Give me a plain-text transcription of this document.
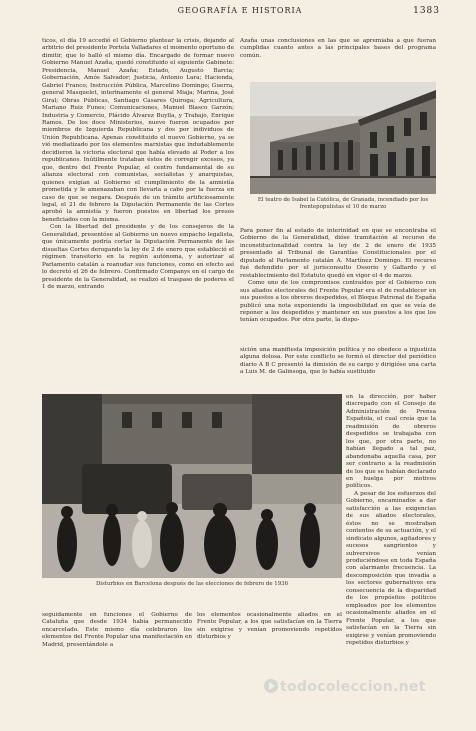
GEOGRAFÍA E HISTORIA	1383

ticos, el día 19 accedió el Gobierno plantear la crisis, dejando al arbitrio del presidente Portela Valladares el momento oportuno de dimitir, que lo halló el mismo día. Encargado de formar nuevo Gobierno Manuel Azaña, quedó constituido el siguiente Gabinete: Presidencia, Manuel Azaña; Estado, Augusto Barcia; Gobernación, Amós Salvador; Justicia, Antonio Lara; Hacienda, Gabriel Franco; Instrucción Pública, Marcelino Domingo; Guerra, general Masquelet, interinamente el general Miaja; Marina, José Giral; Obras Públicas, Santiago Casares Quiroga; Agricultura, Mariano Ruiz Funes; Comunicaciones, Manuel Blasco Garzón; Industria y Comercio, Plácido Álvarez Buylla, y Trabajo, Enrique Ramos. De los doce Ministerios, nueve fueron ocupados por miembros de Izquierda Republicana y dos por individuos de Unión Republicana. Apenas constituido el nuevo Gobierno, ya se vió mediatizado por los elementos marxistas que indudablemente decidieron la victoria electoral que había elevado al Poder a los republicanos. Inútilmente trataban éstos de corregir excesos, ya que, dentro del Frente Popular, el centro fundamental de su alianza electoral con comunistas, socialistas y anarquistas, quienes exigían al Gobierno el cumplimiento de la amnistía prometida y le amenazaban con llevarla a cabo por la fuerza en caso de que se negara. Después de un trámite artificiosamente legal, el 21 de febrero la Diputación Permanente de las Cortes aprobó la amnistía y fueron puestos en libertad los presos beneficiados con la misma.

Con la libertad del presidente y de los consejeros de la Generalidad, presentóse al Gobierno un nuevo empacho legalista, que únicamente podría cortar la Diputación Permanente de las disueltas Cortes derogando la ley de 2 de enero que estableció el régimen transitorio en la región autónoma, y autorizar al Parlamento catalán a reanudar sus funciones, como en efecto así lo decretó el 26 de febrero. Confirmado Companys en el cargo de presidente de la Generalidad, se realizó el traspaso de poderes el 1 de marzo, entrando

Azaña unas conclusiones en las que se apremiaba a que fueran cumplidas cuanto antes a las principales bases del programa común.

El teatro de Isabel la Católica, de Granada, incendiado por los frentepopulistas el 10 de marzo

Para poner fin al estado de interinidad en que se encontraba el Gobierno de la Generalidad, dióse tramitación al recurso de inconstitucionalidad contra la ley de 2 de enero de 1935 presentado al Tribunal de Garantías Constitucionales por el diputado al Parlamento catalán A. Martínez Domingo. El recurso fué defendido por el jurisconsulto Ossorio y Gallardo y el restablecimiento del Estatuto quedó en vigor el 4 de marzo.

Como uno de los compromisos contraídos por el Gobierno con sus aliados electorales del Frente Popular era el de restablecer en sus puestos a los obreros despedidos, el Bloque Patronal de España publicó una nota exponiendo la imposibilidad en que se veía de reponer a los despedidos y mantener en sus puestos a los que los tenían ocupados. Por otra parte, la dispo-

sición una manifiesta imposición política y no obedece a injusticia alguna dolosa. Por este conflicto se formó el director del periódico diario A B C presentó la dimisión de su cargo y dirigióse una carta a Luis M. de Galinsoga, que lo había sustituido

Disturbios en Barcelona después de las elecciones de febrero de 1936

en la dirección, por haber discrepado con el Consejo de Administración de Prensa Española, el cual creía que la readmisión de obreros despedidos se trabajaba con los que, por otra parte, no habían llegado a tal paz, abandonaba aquella casa, por ser contrario a la readmisión de los que se habían declarado en huelga por motivos políticos.

A pesar de los esfuerzos del Gobierno, encaminados a dar satisfacción a las exigencias de sus aliados electorales, éstos no se mostraban contentos de su actuación, y el sindicato algunos, agitadores y sucesos sangrientos y subversivos venían produciéndose en toda España con alarmante frecuencia. La descomposición que invadía a los sectores gubernativos era consecuencia de la disparidad de los propósitos políticos empleados por los elementos ocasionalmente aliados en el Frente Popular, a los que satisfacían en la Tierra sin exigirse y venían promoviendo repetidos disturbios y

seguidamente en funciones el Gobierno de Cataluña que desde 1934 había permanecido encarcelado. Este mismo día celebraron los elementos del Frente Popular una manifestación en Madrid, presentándole a

los elementos ocasionalmente aliados en el Frente Popular, a los que satisfacían en la Tierra sin exigirse y venían promoviendo repetidos disturbios y

todocoleccion.net
